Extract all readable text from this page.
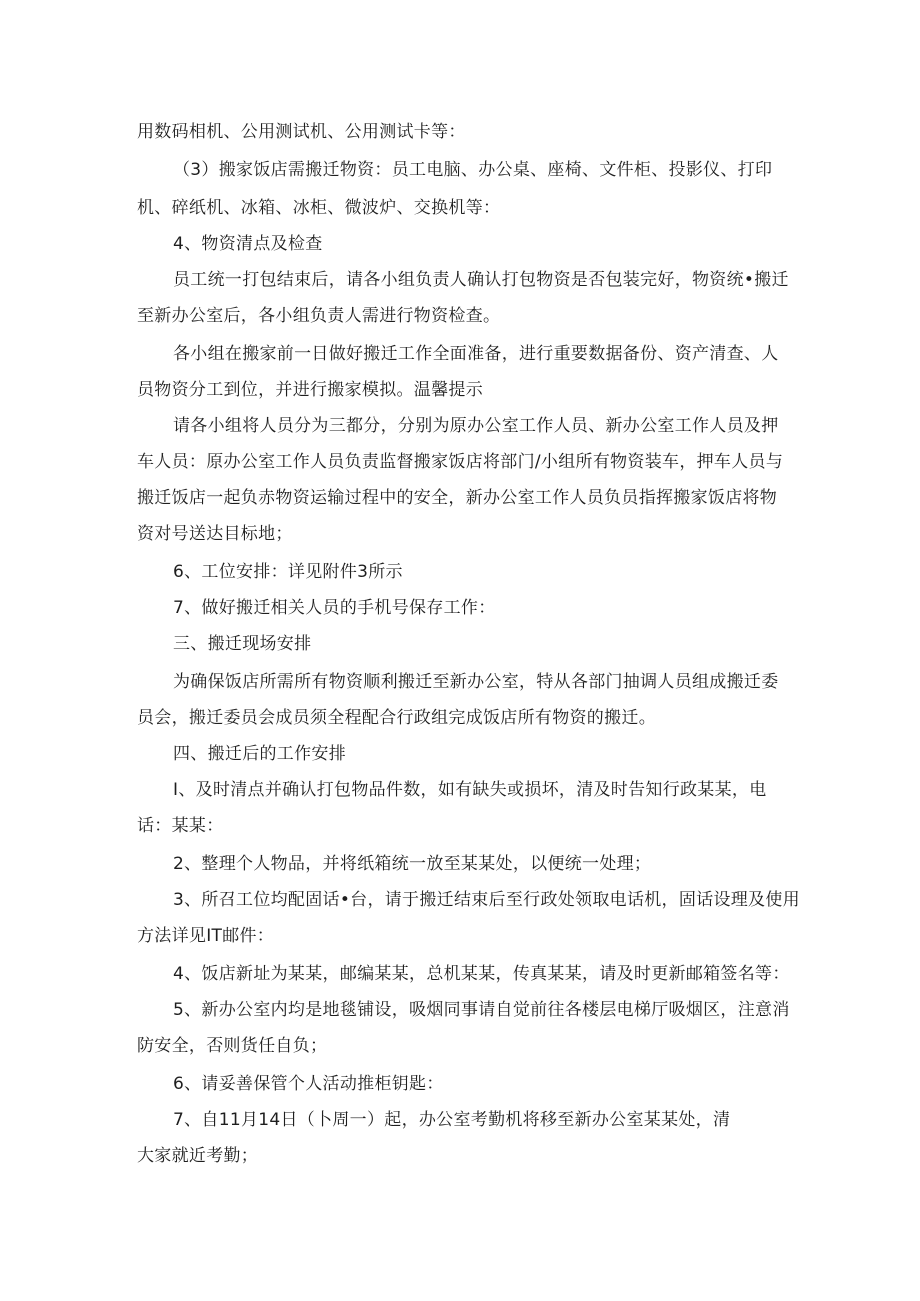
用数码相机、公用测试机、公用测试卡等：
（3）搬家饭店需搬迁物资：员工电脑、办公桌、座椅、文件柜、投影仪、打印
机、碎纸机、冰箱、冰柜、微波炉、交换机等：
4、物资清点及检查
员工统一打包结束后，请各小组负责人确认打包物资是否包装完好，物资统•搬迁
至新办公室后，各小组负责人需进行物资检查。
各小组在搬家前一日做好搬迁工作全面准备，进行重要数据备份、资产清查、人
员物资分工到位，并进行搬家模拟。温馨提示
请各小组将人员分为三都分，分别为原办公室工作人员、新办公室工作人员及押
车人员：原办公室工作人员负责监督搬家饭店将部门/小组所有物资装车，押车人员与
搬迁饭店一起负赤物资运输过程中的安全，新办公室工作人员负员指挥搬家饭店将物
资对号送达目标地；
6、工位安排：详见附件3所示
7、做好搬迁相关人员的手机号保存工作：
三、搬迁现场安排
为确保饭店所需所有物资顺利搬迁至新办公室，特从各部门抽调人员组成搬迁委
员会，搬迁委员会成员须全程配合行政组完成饭店所有物资的搬迁。
四、搬迁后的工作安排
I、及时清点并确认打包物品件数，如有缺失或损坏，清及时告知行政某某，电
话：某某：
2、整理个人物品，并将纸箱统一放至某某处，以便统一处理；
3、所召工位均配固话•台，请于搬迁结束后至行政处领取电话机，固话设理及使用
方法详见IT邮件：
4、饭店新址为某某，邮编某某，总机某某，传真某某，请及时更新邮箱签名等：
5、新办公室内均是地毯铺设，吸烟同事请自觉前往各楼层电梯厅吸烟区，注意消
防安全，否则货任自负；
6、请妥善保管个人活动推柜钥匙：
7、自11月14日（卜周一）起，办公室考勤机将移至新办公室某某处，清
大家就近考勤；
